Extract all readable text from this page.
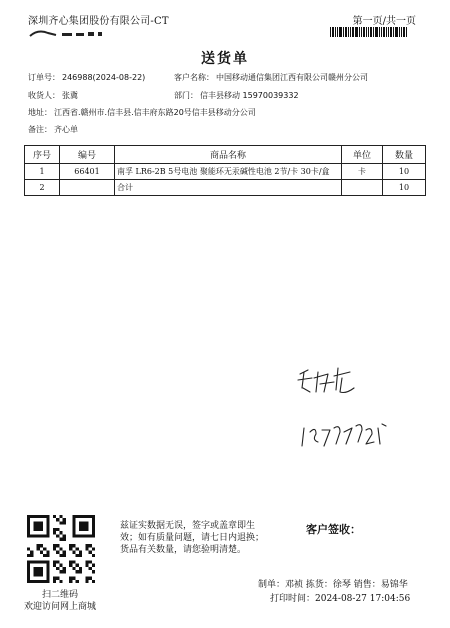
深圳齐心集团股份有限公司-CT	第一页/共一页
送货单
订单号： 246988(2024-08-22)	客户名称： 中国移动通信集团江西有限公司赣州分公司
收货人： 张冀	部门： 信丰县移动 15970039332
地址： 江西省.赣州市.信丰县.信丰府东路20号信丰县移动分公司
备注： 齐心单
序号	编号	商品名称	单位	数量
1	66401	南孚 LR6-2B 5号电池 聚能环无汞碱性电池 2节/卡 30卡/盒	卡	10
2		合计		10
扫二维码
欢迎访问网上商城
兹证实数据无误，签字或盖章即生
效；如有质量问题，请七日内退换；
货品有关数量，请您验明清楚。
客户签收：
制单：邓祯 拣货：徐琴 销售：易锦华
打印时间：2024-08-27 17:04:56
